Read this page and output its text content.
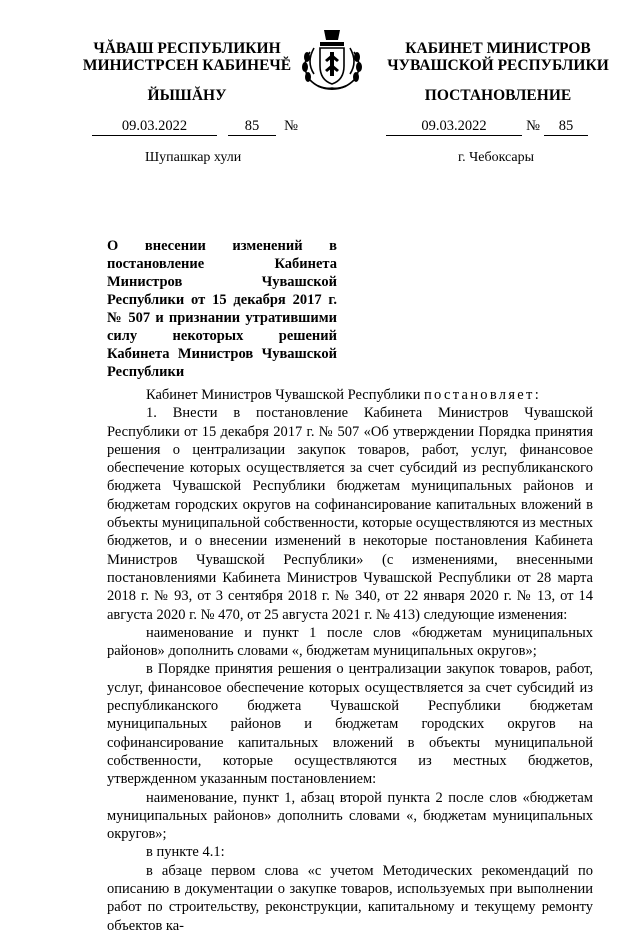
ЧĂВАШ РЕСПУБЛИКИН
МИНИСТРСЕН КАБИНЕЧĔ
ЙЫШĂНУ
КАБИНЕТ МИНИСТРОВ
ЧУВАШСКОЙ РЕСПУБЛИКИ
ПОСТАНОВЛЕНИЕ
09.03.2022	85	№	09.03.2022	№	85
Шупашкар хули	г. Чебоксары
О внесении изменений в постановление Кабинета Министров Чувашской Республики от 15 декабря 2017 г. № 507 и признании утратившими силу некоторых решений Кабинета Министров Чувашской Республики

Кабинет Министров Чувашской Республики постановляет:

1. Внести в постановление Кабинета Министров Чувашской Республики от 15 декабря 2017 г. № 507 «Об утверждении Порядка принятия решения о централизации закупок товаров, работ, услуг, финансовое обеспечение которых осуществляется за счет субсидий из республиканского бюджета Чувашской Республики бюджетам муниципальных районов и бюджетам городских округов на софинансирование капитальных вложений в объекты муниципальной собственности, которые осуществляются из местных бюджетов, и о внесении изменений в некоторые постановления Кабинета Министров Чувашской Республики» (с изменениями, внесенными постановлениями Кабинета Министров Чувашской Республики от 28 марта 2018 г. № 93, от 3 сентября 2018 г. № 340, от 22 января 2020 г. № 13, от 14 августа 2020 г. № 470, от 25 августа 2021 г. № 413) следующие изменения:

наименование и пункт 1 после слов «бюджетам муниципальных районов» дополнить словами «, бюджетам муниципальных округов»;

в Порядке принятия решения о централизации закупок товаров, работ, услуг, финансовое обеспечение которых осуществляется за счет субсидий из республиканского бюджета Чувашской Республики бюджетам муниципальных районов и бюджетам городских округов на софинансирование капитальных вложений в объекты муниципальной собственности, которые осуществляются из местных бюджетов, утвержденном указанным постановлением:

наименование, пункт 1, абзац второй пункта 2 после слов «бюджетам муниципальных районов» дополнить словами «, бюджетам муниципальных округов»;

в пункте 4.1:

в абзаце первом слова «с учетом Методических рекомендаций по описанию в документации о закупке товаров, используемых при выполнении работ по строительству, реконструкции, капитальному и текущему ремонту объектов ка-
